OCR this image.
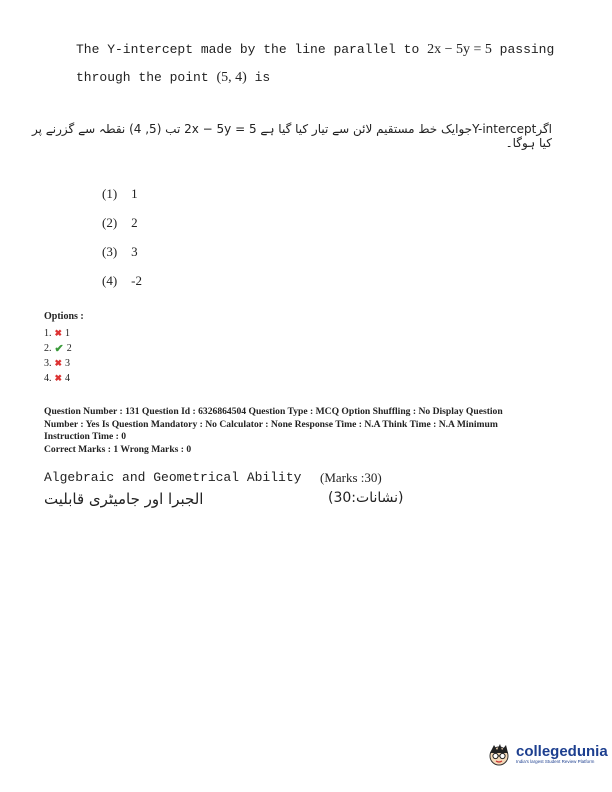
The Y-intercept made by the line parallel to 2x − 5y = 5 passing
through the point (5, 4) is
اگرY-interceptجوایک خط مستقیم لائن سے تیار کیا گیا ہے 2x − 5y = 5 تب (5, 4) نقطہ سے گزرنے پر کیا ہوگا۔
(1) 1
(2) 2
(3) 3
(4) -2
Options :
1. ✖ 1
2. ✔ 2
3. ✖ 3
4. ✖ 4
Question Number : 131 Question Id : 6326864504 Question Type : MCQ Option Shuffling : No Display Question
Number : Yes Is Question Mandatory : No Calculator : None Response Time : N.A Think Time : N.A Minimum
Instruction Time : 0
Correct Marks : 1 Wrong Marks : 0
Algebraic and Geometrical Ability (Marks :30)
الجبرا اور جامیٹری قابلیت	(نشانات:30)
collegedunia
India's largest Student Review Platform
